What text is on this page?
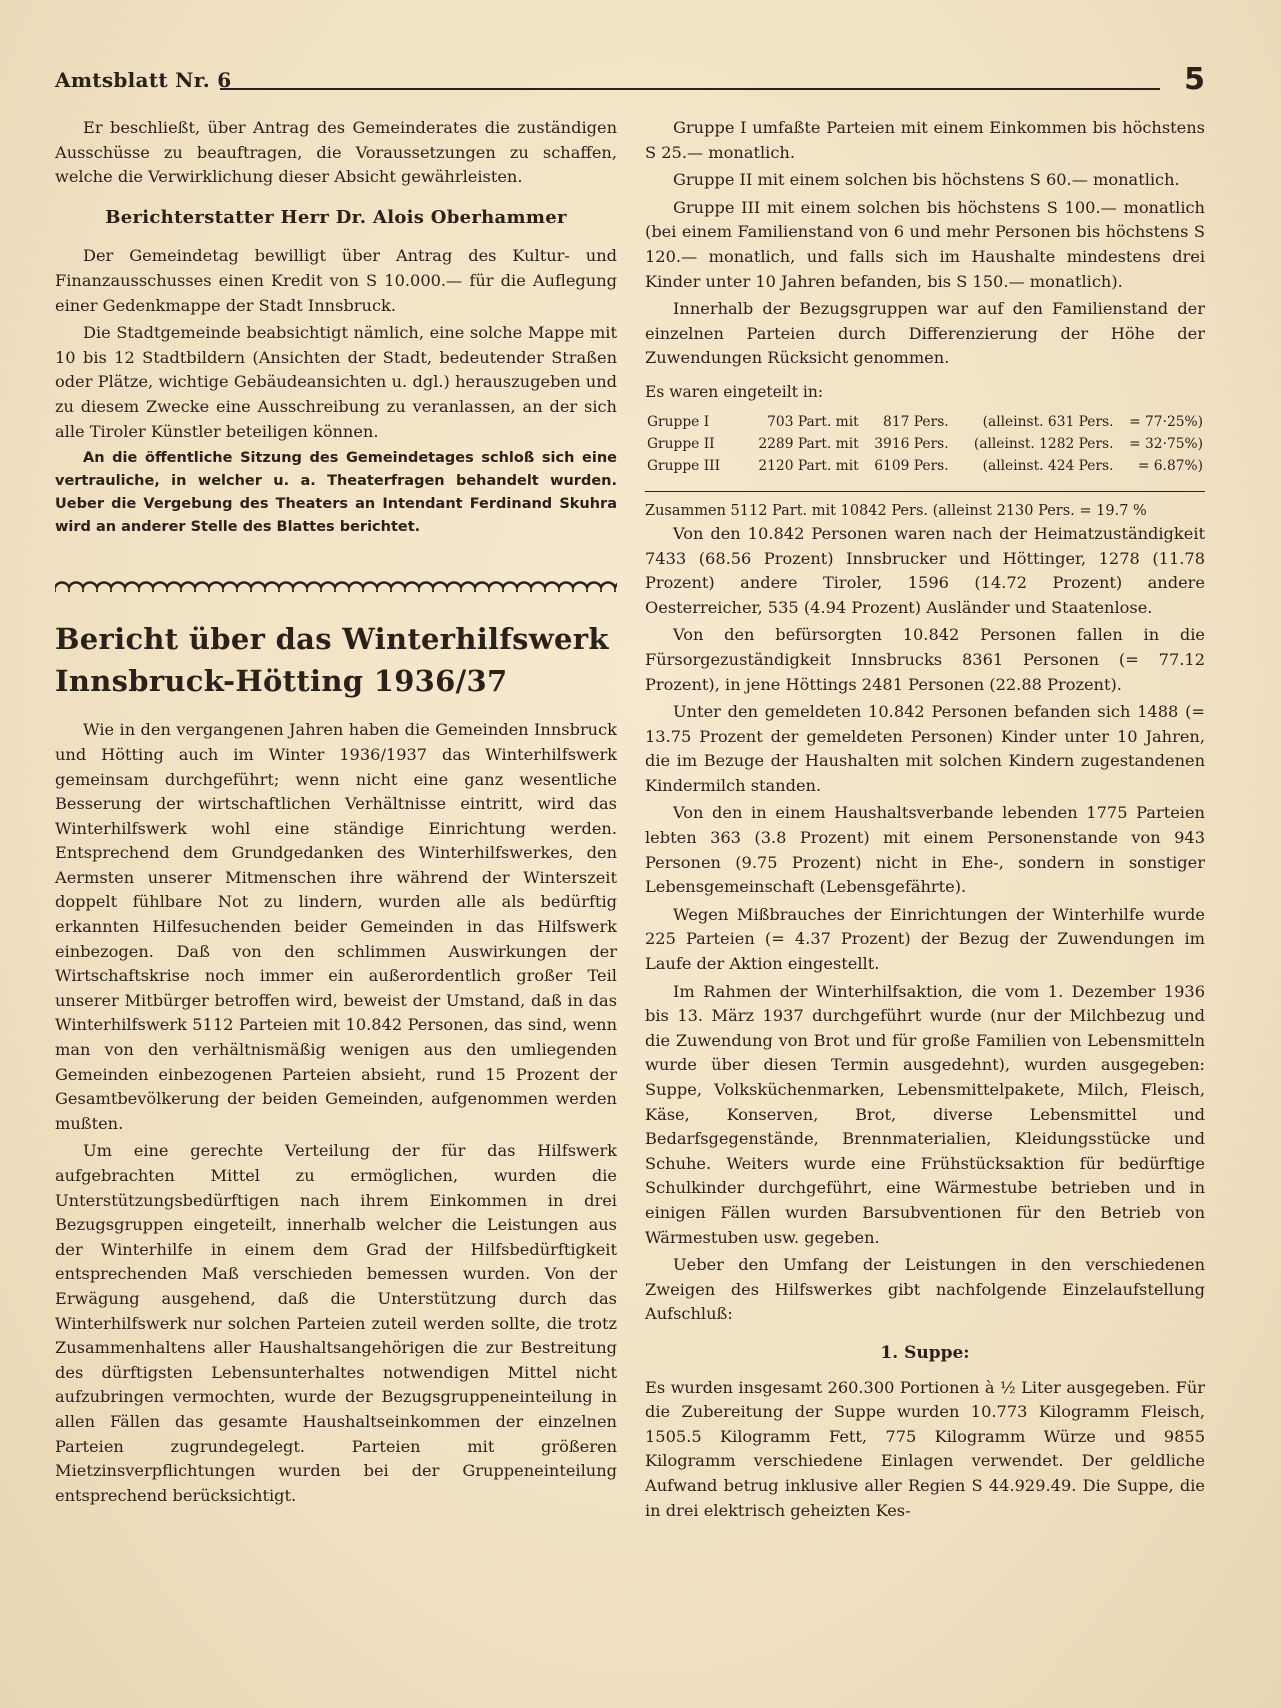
Amtsblatt Nr. 6	5

Er beschließt, über Antrag des Gemeinderates die zuständigen Ausschüsse zu beauftragen, die Voraussetzungen zu schaffen, welche die Verwirklichung dieser Absicht gewährleisten.

Berichterstatter Herr Dr. Alois Oberhammer

Der Gemeindetag bewilligt über Antrag des Kultur- und Finanzausschusses einen Kredit von S 10.000.— für die Auflegung einer Gedenkmappe der Stadt Innsbruck.

Die Stadtgemeinde beabsichtigt nämlich, eine solche Mappe mit 10 bis 12 Stadtbildern (Ansichten der Stadt, bedeutender Straßen oder Plätze, wichtige Gebäudeansichten u. dgl.) herauszugeben und zu diesem Zwecke eine Ausschreibung zu veranlassen, an der sich alle Tiroler Künstler beteiligen können.

An die öffentliche Sitzung des Gemeindetages schloß sich eine vertrauliche, in welcher u. a. Theaterfragen behandelt wurden. Ueber die Vergebung des Theaters an Intendant Ferdinand Skuhra wird an anderer Stelle des Blattes berichtet.

Bericht über das Winterhilfswerk
Innsbruck-Hötting 1936/37

Wie in den vergangenen Jahren haben die Gemeinden Innsbruck und Hötting auch im Winter 1936/1937 das Winterhilfswerk gemeinsam durchgeführt; wenn nicht eine ganz wesentliche Besserung der wirtschaftlichen Verhältnisse eintritt, wird das Winterhilfswerk wohl eine ständige Einrichtung werden. Entsprechend dem Grundgedanken des Winterhilfswerkes, den Aermsten unserer Mitmenschen ihre während der Winterszeit doppelt fühlbare Not zu lindern, wurden alle als bedürftig erkannten Hilfesuchenden beider Gemeinden in das Hilfswerk einbezogen. Daß von den schlimmen Auswirkungen der Wirtschaftskrise noch immer ein außerordentlich großer Teil unserer Mitbürger betroffen wird, beweist der Umstand, daß in das Winterhilfswerk 5112 Parteien mit 10.842 Personen, das sind, wenn man von den verhältnismäßig wenigen aus den umliegenden Gemeinden einbezogenen Parteien absieht, rund 15 Prozent der Gesamtbevölkerung der beiden Gemeinden, aufgenommen werden mußten.

Um eine gerechte Verteilung der für das Hilfswerk aufgebrachten Mittel zu ermöglichen, wurden die Unterstützungsbedürftigen nach ihrem Einkommen in drei Bezugsgruppen eingeteilt, innerhalb welcher die Leistungen aus der Winterhilfe in einem dem Grad der Hilfsbedürftigkeit entsprechenden Maß verschieden bemessen wurden. Von der Erwägung ausgehend, daß die Unterstützung durch das Winterhilfswerk nur solchen Parteien zuteil werden sollte, die trotz Zusammenhaltens aller Haushaltsangehörigen die zur Bestreitung des dürftigsten Lebensunterhaltes notwendigen Mittel nicht aufzubringen vermochten, wurde der Bezugsgruppeneinteilung in allen Fällen das gesamte Haushaltseinkommen der einzelnen Parteien zugrundegelegt. Parteien mit größeren Mietzinsverpflichtungen wurden bei der Gruppeneinteilung entsprechend berücksichtigt.

Gruppe I umfaßte Parteien mit einem Einkommen bis höchstens S 25.— monatlich.

Gruppe II mit einem solchen bis höchstens S 60.— monatlich.

Gruppe III mit einem solchen bis höchstens S 100.— monatlich (bei einem Familienstand von 6 und mehr Personen bis höchstens S 120.— monatlich, und falls sich im Haushalte mindestens drei Kinder unter 10 Jahren befanden, bis S 150.— monatlich).

Innerhalb der Bezugsgruppen war auf den Familienstand der einzelnen Parteien durch Differenzierung der Höhe der Zuwendungen Rücksicht genommen.

Es waren eingeteilt in:
Gruppe I	703 Part. mit	817 Pers.	(alleinst. 631 Pers.	= 77·25%)
Gruppe II	2289 Part. mit	3916 Pers.	(alleinst. 1282 Pers.	= 32·75%)
Gruppe III	2120 Part. mit	6109 Pers.	(alleinst. 424 Pers.	= 6.87%)
Zusammen 5112 Part. mit 10842 Pers. (alleinst 2130 Pers. = 19.7 %

Von den 10.842 Personen waren nach der Heimatzuständigkeit 7433 (68.56 Prozent) Innsbrucker und Höttinger, 1278 (11.78 Prozent) andere Tiroler, 1596 (14.72 Prozent) andere Oesterreicher, 535 (4.94 Prozent) Ausländer und Staatenlose.

Von den befürsorgten 10.842 Personen fallen in die Fürsorgezuständigkeit Innsbrucks 8361 Personen (= 77.12 Prozent), in jene Höttings 2481 Personen (22.88 Prozent).

Unter den gemeldeten 10.842 Personen befanden sich 1488 (= 13.75 Prozent der gemeldeten Personen) Kinder unter 10 Jahren, die im Bezuge der Haushalten mit solchen Kindern zugestandenen Kindermilch standen.

Von den in einem Haushaltsverbande lebenden 1775 Parteien lebten 363 (3.8 Prozent) mit einem Personenstande von 943 Personen (9.75 Prozent) nicht in Ehe-, sondern in sonstiger Lebensgemeinschaft (Lebensgefährte).

Wegen Mißbrauches der Einrichtungen der Winterhilfe wurde 225 Parteien (= 4.37 Prozent) der Bezug der Zuwendungen im Laufe der Aktion eingestellt.

Im Rahmen der Winterhilfsaktion, die vom 1. Dezember 1936 bis 13. März 1937 durchgeführt wurde (nur der Milchbezug und die Zuwendung von Brot und für große Familien von Lebensmitteln wurde über diesen Termin ausgedehnt), wurden ausgegeben: Suppe, Volksküchenmarken, Lebensmittelpakete, Milch, Fleisch, Käse, Konserven, Brot, diverse Lebensmittel und Bedarfsgegenstände, Brennmaterialien, Kleidungsstücke und Schuhe. Weiters wurde eine Frühstücksaktion für bedürftige Schulkinder durchgeführt, eine Wärmestube betrieben und in einigen Fällen wurden Barsubventionen für den Betrieb von Wärmestuben usw. gegeben.

Ueber den Umfang der Leistungen in den verschiedenen Zweigen des Hilfswerkes gibt nachfolgende Einzelaufstellung Aufschluß:

1. Suppe:

Es wurden insgesamt 260.300 Portionen à ½ Liter ausgegeben. Für die Zubereitung der Suppe wurden 10.773 Kilogramm Fleisch, 1505.5 Kilogramm Fett, 775 Kilogramm Würze und 9855 Kilogramm verschiedene Einlagen verwendet. Der geldliche Aufwand betrug inklusive aller Regien S 44.929.49. Die Suppe, die in drei elektrisch geheizten Kes-
